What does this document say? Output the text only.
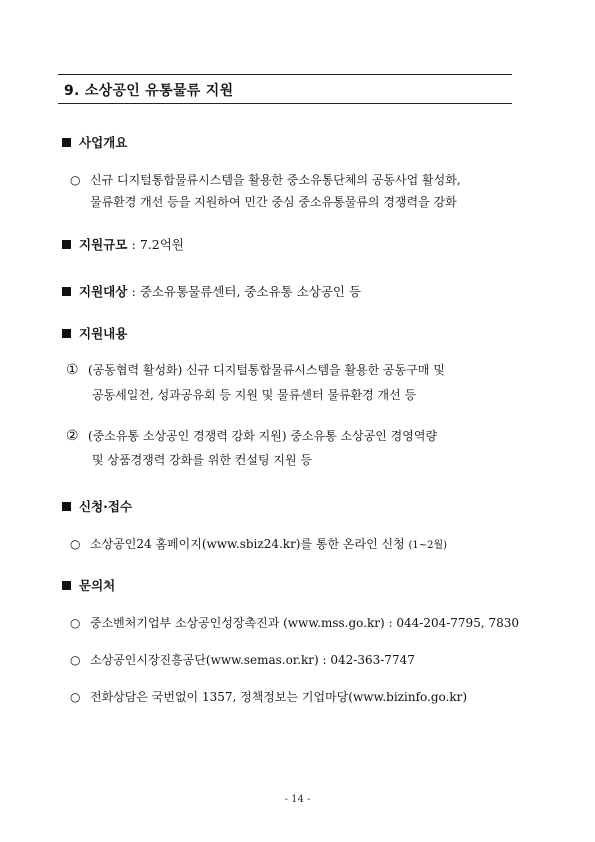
9. 소상공인 유통물류 지원
사업개요
○ 신규 디지털통합물류시스템을 활용한 중소유통단체의 공동사업 활성화,
물류환경 개선 등을 지원하여 민간 중심 중소유통물류의 경쟁력을 강화
지원규모 : 7.2억원
지원대상 : 중소유통물류센터, 중소유통 소상공인 등
지원내용
① (공동협력 활성화) 신규 디지털통합물류시스템을 활용한 공동구매 및
공동세일전, 성과공유회 등 지원 및 물류센터 물류환경 개선 등
② (중소유통 소상공인 경쟁력 강화 지원) 중소유통 소상공인 경영역량
및 상품경쟁력 강화를 위한 컨설팅 지원 등
신청·접수
○ 소상공인24 홈페이지(www.sbiz24.kr)를 통한 온라인 신청 (1~2월)
문의처
○ 중소벤처기업부 소상공인성장촉진과 (www.mss.go.kr) : 044-204-7795, 7830
○ 소상공인시장진흥공단(www.semas.or.kr) : 042-363-7747
○ 전화상담은 국번없이 1357, 정책정보는 기업마당(www.bizinfo.go.kr)
- 14 -
